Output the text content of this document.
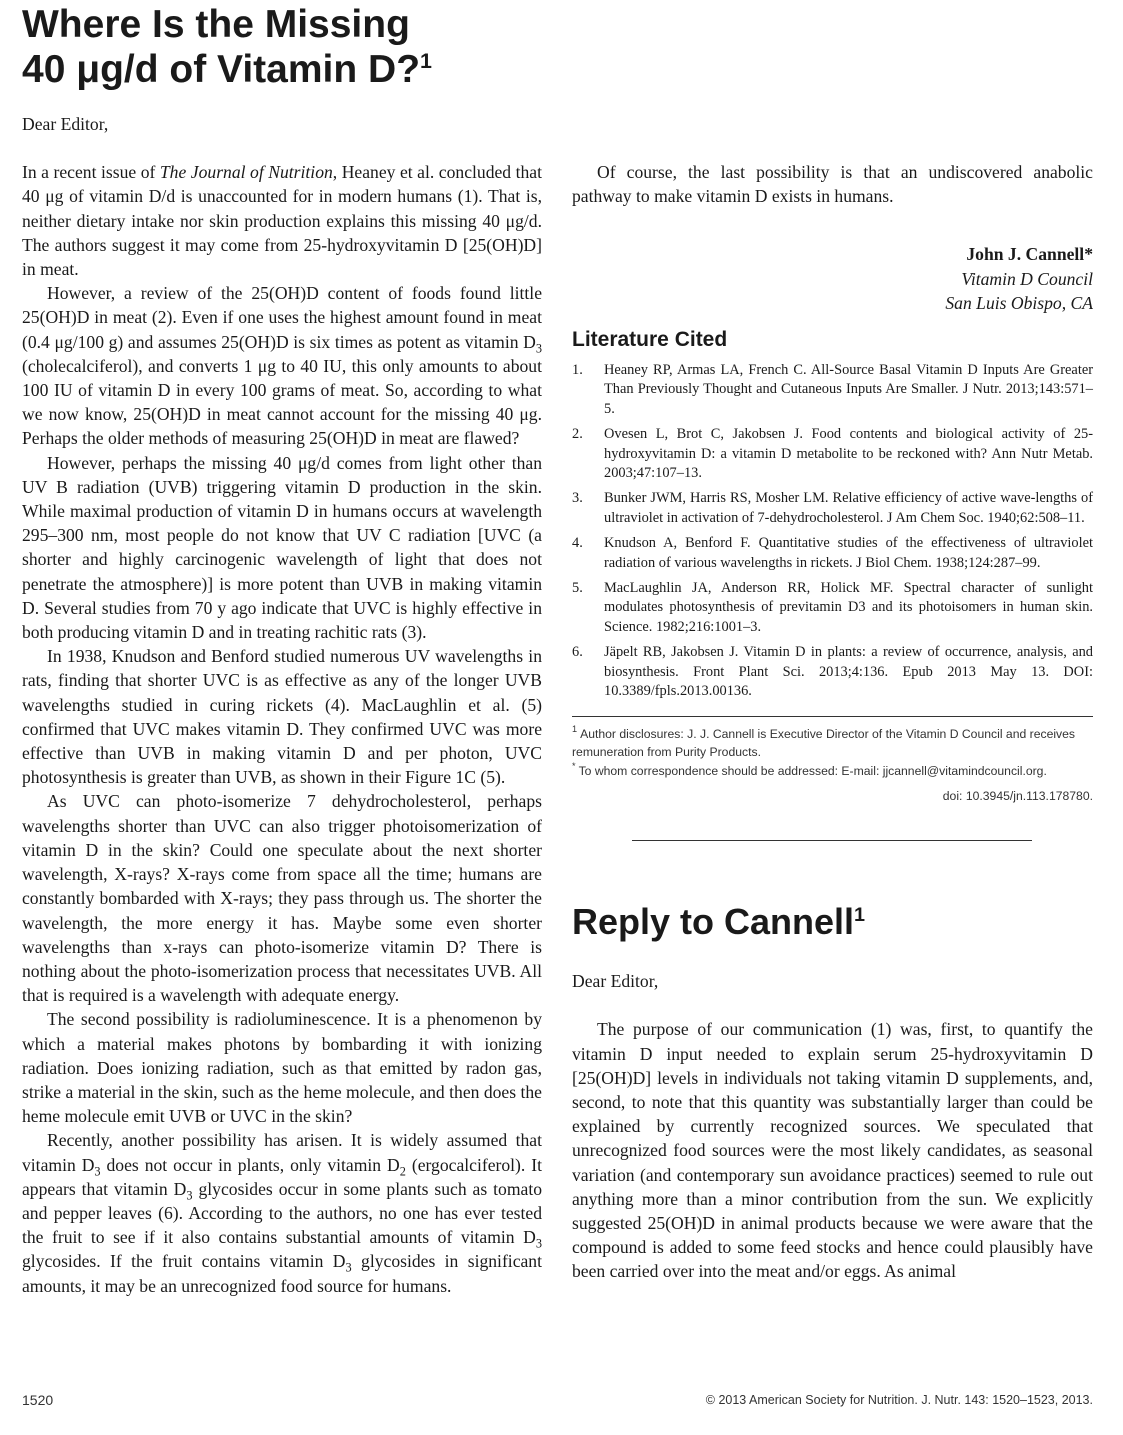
Where Is the Missing
40 μg/d of Vitamin D?$^1$

Dear Editor,

In a recent issue of The Journal of Nutrition, Heaney et al. concluded that 40 μg of vitamin D/d is unaccounted for in modern humans (1). That is, neither dietary intake nor skin production explains this missing 40 μg/d. The authors suggest it may come from 25-hydroxyvitamin D [25(OH)D] in meat.

However, a review of the 25(OH)D content of foods found little 25(OH)D in meat (2). Even if one uses the highest amount found in meat (0.4 μg/100 g) and assumes 25(OH)D is six times as potent as vitamin $D_3$ (cholecalciferol), and converts 1 μg to 40 IU, this only amounts to about 100 IU of vitamin D in every 100 grams of meat. So, according to what we now know, 25(OH)D in meat cannot account for the missing 40 μg. Perhaps the older methods of measuring 25(OH)D in meat are flawed?

However, perhaps the missing 40 μg/d comes from light other than UV B radiation (UVB) triggering vitamin D production in the skin. While maximal production of vitamin D in humans occurs at wavelength 295–300 nm, most people do not know that UV C radiation [UVC (a shorter and highly carcinogenic wavelength of light that does not penetrate the atmosphere)] is more potent than UVB in making vitamin D. Several studies from 70 y ago indicate that UVC is highly effective in both producing vitamin D and in treating rachitic rats (3).

In 1938, Knudson and Benford studied numerous UV wavelengths in rats, finding that shorter UVC is as effective as any of the longer UVB wavelengths studied in curing rickets (4). MacLaughlin et al. (5) confirmed that UVC makes vitamin D. They confirmed UVC was more effective than UVB in making vitamin D and per photon, UVC photosynthesis is greater than UVB, as shown in their Figure 1C (5).

As UVC can photo-isomerize 7 dehydrocholesterol, perhaps wavelengths shorter than UVC can also trigger photoisomerization of vitamin D in the skin? Could one speculate about the next shorter wavelength, X-rays? X-rays come from space all the time; humans are constantly bombarded with X-rays; they pass through us. The shorter the wavelength, the more energy it has. Maybe some even shorter wavelengths than x-rays can photo-isomerize vitamin D? There is nothing about the photo-isomerization process that necessitates UVB. All that is required is a wavelength with adequate energy.

The second possibility is radioluminescence. It is a phenomenon by which a material makes photons by bombarding it with ionizing radiation. Does ionizing radiation, such as that emitted by radon gas, strike a material in the skin, such as the heme molecule, and then does the heme molecule emit UVB or UVC in the skin?

Recently, another possibility has arisen. It is widely assumed that vitamin $D_3$ does not occur in plants, only vitamin $D_2$ (ergocalciferol). It appears that vitamin $D_3$ glycosides occur in some plants such as tomato and pepper leaves (6). According to the authors, no one has ever tested the fruit to see if it also contains substantial amounts of vitamin $D_3$ glycosides. If the fruit contains vitamin $D_3$ glycosides in significant amounts, it may be an unrecognized food source for humans.

Of course, the last possibility is that an undiscovered anabolic pathway to make vitamin D exists in humans.

John J. Cannell*
Vitamin D Council
San Luis Obispo, CA
Literature Cited
1.	Heaney RP, Armas LA, French C. All-Source Basal Vitamin D Inputs Are Greater Than Previously Thought and Cutaneous Inputs Are Smaller. J Nutr. 2013;143:571–5.
2.	Ovesen L, Brot C, Jakobsen J. Food contents and biological activity of 25-hydroxyvitamin D: a vitamin D metabolite to be reckoned with? Ann Nutr Metab. 2003;47:107–13.
3.	Bunker JWM, Harris RS, Mosher LM. Relative efficiency of active wave-lengths of ultraviolet in activation of 7-dehydrocholesterol. J Am Chem Soc. 1940;62:508–11.
4.	Knudson A, Benford F. Quantitative studies of the effectiveness of ultraviolet radiation of various wavelengths in rickets. J Biol Chem. 1938;124:287–99.
5.	MacLaughlin JA, Anderson RR, Holick MF. Spectral character of sunlight modulates photosynthesis of previtamin D3 and its photoisomers in human skin. Science. 1982;216:1001–3.
6.	Jäpelt RB, Jakobsen J. Vitamin D in plants: a review of occurrence, analysis, and biosynthesis. Front Plant Sci. 2013;4:136. Epub 2013 May 13. DOI: 10.3389/fpls.2013.00136.

$^1$ Author disclosures: J. J. Cannell is Executive Director of the Vitamin D Council and receives remuneration from Purity Products.

* To whom correspondence should be addressed: E-mail: jjcannell@vitamindcouncil.org.

doi: 10.3945/jn.113.178780.
Reply to Cannell$^1$

Dear Editor,

The purpose of our communication (1) was, first, to quantify the vitamin D input needed to explain serum 25-hydroxyvitamin D [25(OH)D] levels in individuals not taking vitamin D supplements, and, second, to note that this quantity was substantially larger than could be explained by currently recognized sources. We speculated that unrecognized food sources were the most likely candidates, as seasonal variation (and contemporary sun avoidance practices) seemed to rule out anything more than a minor contribution from the sun. We explicitly suggested 25(OH)D in animal products because we were aware that the compound is added to some feed stocks and hence could plausibly have been carried over into the meat and/or eggs. As animal

1520	© 2013 American Society for Nutrition. J. Nutr. 143: 1520–1523, 2013.
